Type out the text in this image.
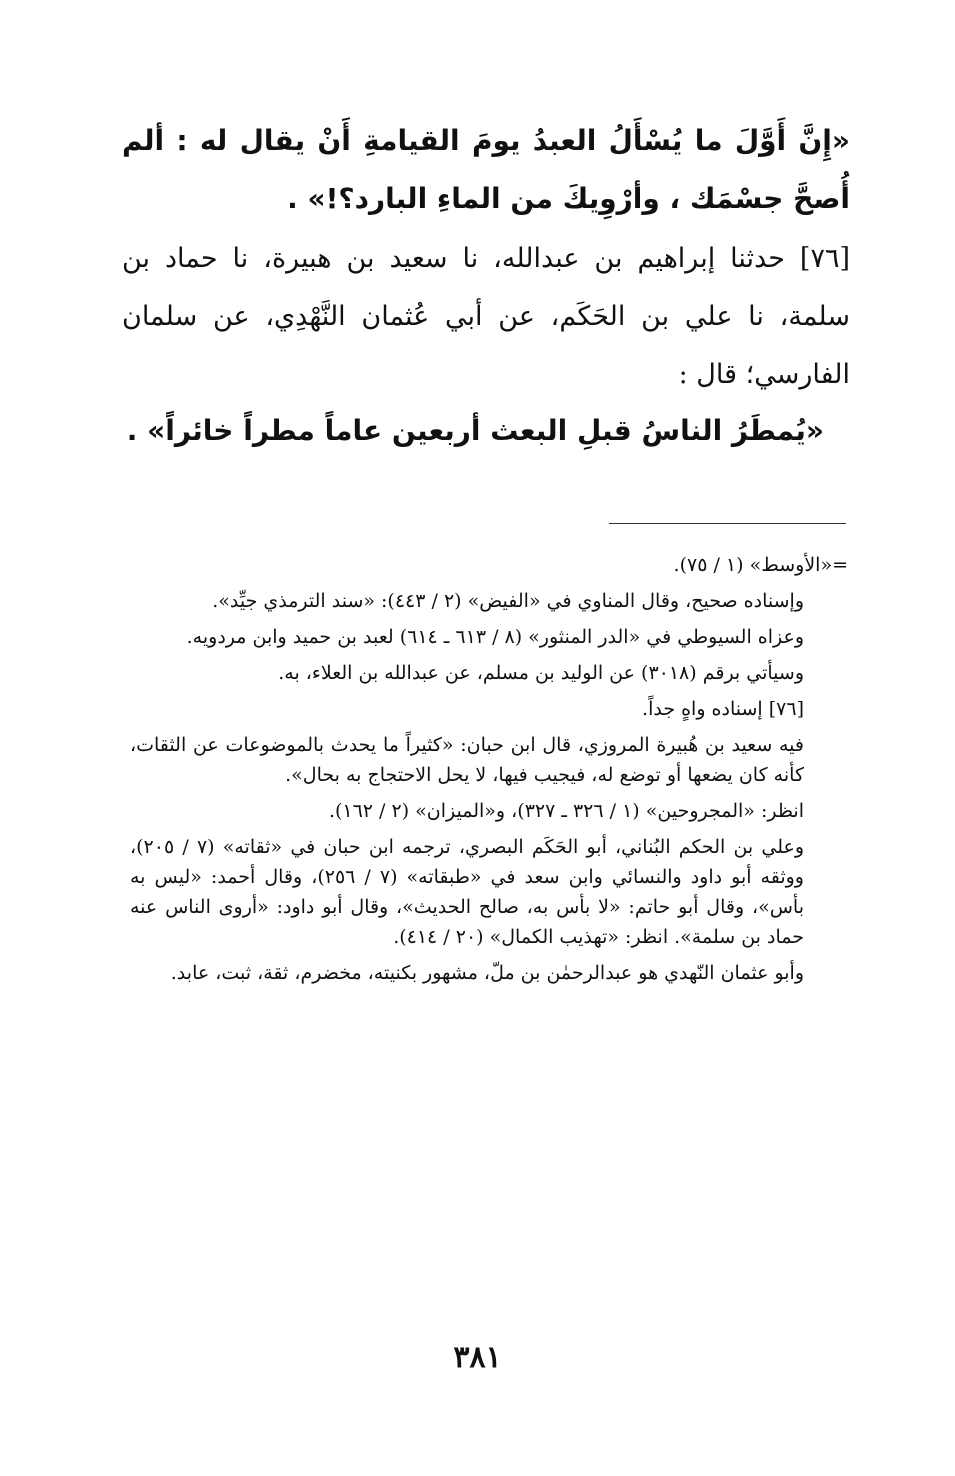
«إِنَّ أَوَّلَ ما يُسْأَلُ العبدُ يومَ القيامةِ أَنْ يقال له : ألم أُصحَّ جسْمَك ، وأرْوِيكَ من الماءِ البارد؟!» .
[٧٦] حدثنا إبراهيم بن عبدالله، نا سعيد بن هبيرة، نا حماد بن سلمة، نا علي بن الحَكَم، عن أبي عُثمان النَّهْدِي، عن سلمان الفارسي؛ قال :
«يُمطَرُ الناسُ قبلِ البعث أربعين عاماً مطراً خائراً» .

=«الأوسط» (١ / ٧٥).

وإسناده صحيح، وقال المناوي في «الفيض» (٢ / ٤٤٣): «سند الترمذي جيِّد».

وعزاه السيوطي في «الدر المنثور» (٨ / ٦١٣ ـ ٦١٤) لعبد بن حميد وابن مردويه.

وسيأتي برقم (٣٠١٨) عن الوليد بن مسلم، عن عبدالله بن العلاء، به.

[٧٦] إسناده واهٍ جداً.

فيه سعيد بن هُبيرة المروزي، قال ابن حبان: «كثيراً ما يحدث بالموضوعات عن الثقات، كأنه كان يضعها أو توضع له، فيجيب فيها، لا يحل الاحتجاج به بحال».

انظر: «المجروحين» (١ / ٣٢٦ ـ ٣٢٧)، و«الميزان» (٢ / ١٦٢).

وعلي بن الحكم البُناني، أبو الحَكَم البصري، ترجمه ابن حبان في «ثقاته» (٧ / ٢٠٥)، ووثقه أبو داود والنسائي وابن سعد في «طبقاته» (٧ / ٢٥٦)، وقال أحمد: «ليس به بأس»، وقال أبو حاتم: «لا بأس به، صالح الحديث»، وقال أبو داود: «أروى الناس عنه حماد بن سلمة». انظر: «تهذيب الكمال» (٢٠ / ٤١٤).

وأبو عثمان النّهدي هو عبدالرحمٰن بن ملّ، مشهور بكنيته، مخضرم، ثقة، ثبت، عابد.

٣٨١
